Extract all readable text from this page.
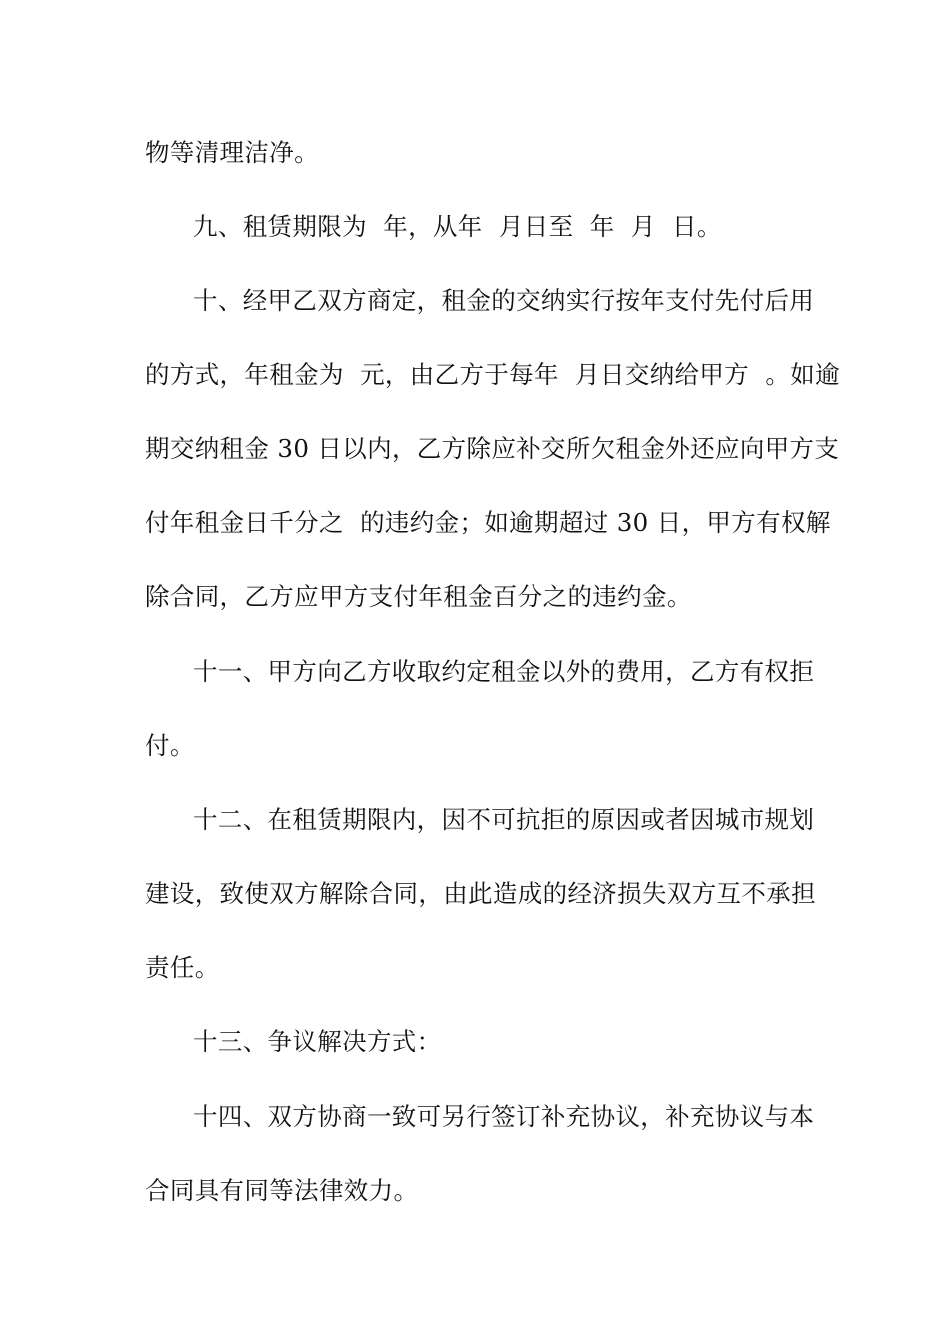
物等清理洁净。
九、租赁期限为  年，从年  月日至  年  月  日。
十、经甲乙双方商定，租金的交纳实行按年支付先付后用
的方式，年租金为  元，由乙方于每年  月日交纳给甲方  。如逾
期交纳租金 30 日以内，乙方除应补交所欠租金外还应向甲方支
付年租金日千分之  的违约金；如逾期超过 30 日，甲方有权解
除合同，乙方应甲方支付年租金百分之的违约金。
十一、甲方向乙方收取约定租金以外的费用，乙方有权拒
付。
十二、在租赁期限内，因不可抗拒的原因或者因城市规划
建设，致使双方解除合同，由此造成的经济损失双方互不承担
责任。
十三、争议解决方式：
十四、双方协商一致可另行签订补充协议，补充协议与本
合同具有同等法律效力。
